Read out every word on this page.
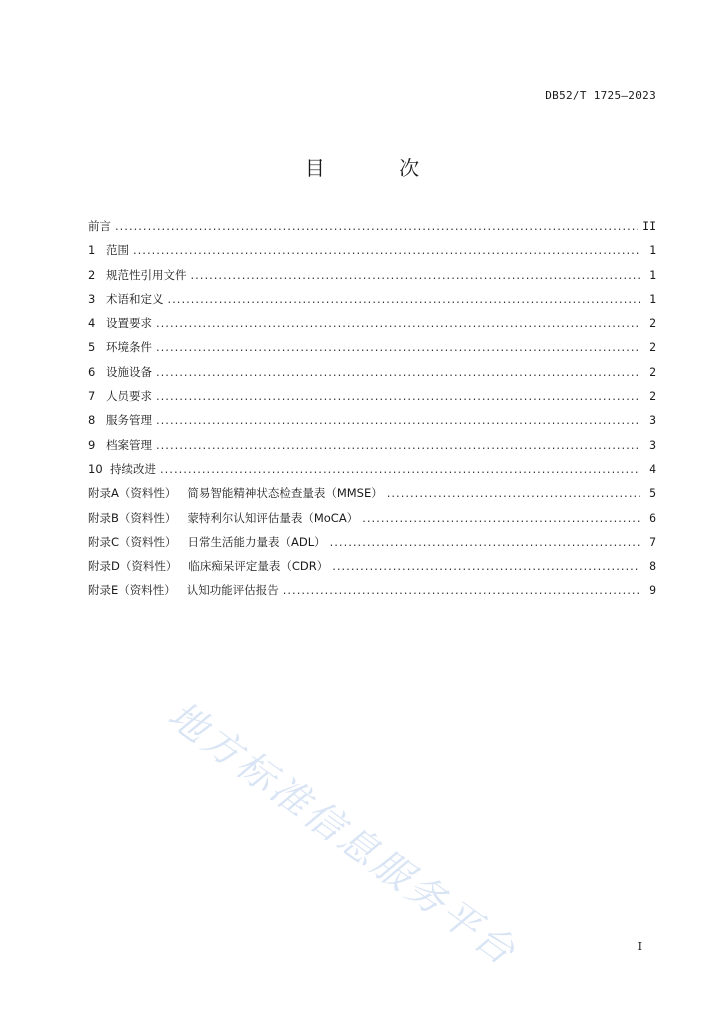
DB52/T 1725—2023
目 次
前言 .....	II
1 范围 .....	1
2 规范性引用文件 .....	1
3 术语和定义 .....	1
4 设置要求 .....	2
5 环境条件 .....	2
6 设施设备 .....	2
7 人员要求 .....	2
8 服务管理 .....	3
9 档案管理 .....	3
10 持续改进 .....	4
附录A（资料性）   简易智能精神状态检查量表（MMSE） .....	5
附录B（资料性）   蒙特利尔认知评估量表（MoCA） .....	6
附录C（资料性）   日常生活能力量表（ADL） .....	7
附录D（资料性）   临床痴呆评定量表（CDR） .....	8
附录E（资料性）   认知功能评估报告 .....	9
地方标准信息服务平台	I
